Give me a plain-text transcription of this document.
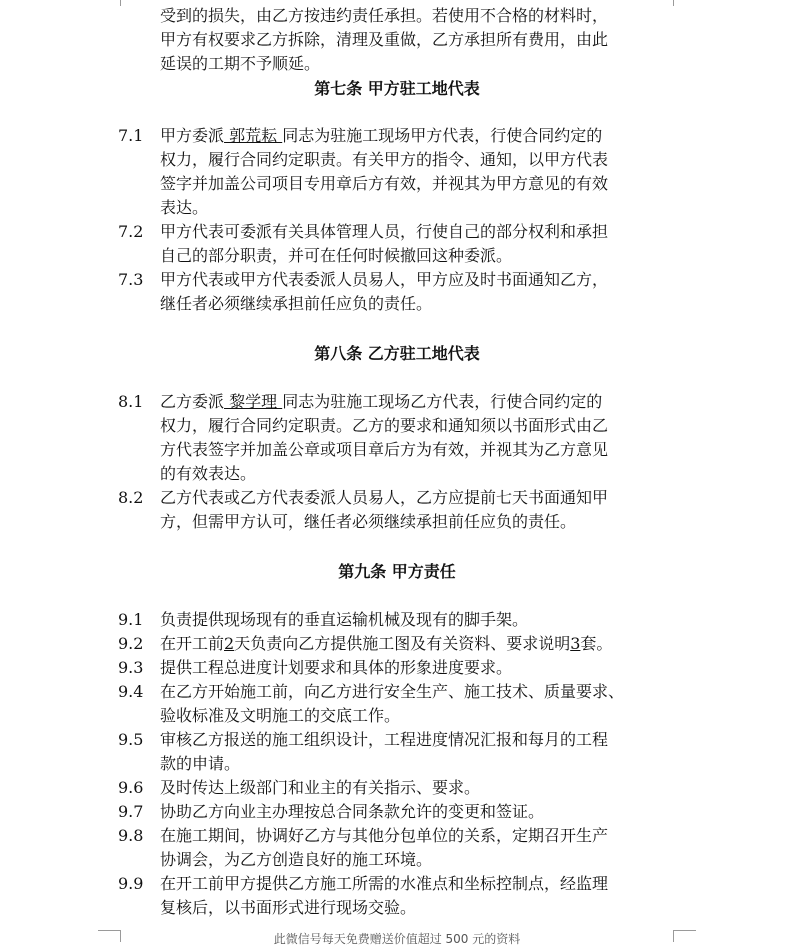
受到的损失，由乙方按违约责任承担。若使用不合格的材料时，
甲方有权要求乙方拆除，清理及重做，乙方承担所有费用，由此
延误的工期不予顺延。
第七条 甲方驻工地代表
7.1 甲方委派 郭荒耘 同志为驻施工现场甲方代表，行使合同约定的
权力，履行合同约定职责。有关甲方的指令、通知，以甲方代表
签字并加盖公司项目专用章后方有效，并视其为甲方意见的有效
表达。
7.2 甲方代表可委派有关具体管理人员，行使自己的部分权利和承担
自己的部分职责，并可在任何时候撤回这种委派。
7.3 甲方代表或甲方代表委派人员易人，甲方应及时书面通知乙方，
继任者必须继续承担前任应负的责任。
第八条 乙方驻工地代表
8.1 乙方委派 黎学理 同志为驻施工现场乙方代表，行使合同约定的
权力，履行合同约定职责。乙方的要求和通知须以书面形式由乙
方代表签字并加盖公章或项目章后方为有效，并视其为乙方意见
的有效表达。
8.2 乙方代表或乙方代表委派人员易人，乙方应提前七天书面通知甲
方，但需甲方认可，继任者必须继续承担前任应负的责任。
第九条 甲方责任
9.1 负责提供现场现有的垂直运输机械及现有的脚手架。
9.2 在开工前2天负责向乙方提供施工图及有关资料、要求说明3套。
9.3 提供工程总进度计划要求和具体的形象进度要求。
9.4 在乙方开始施工前，向乙方进行安全生产、施工技术、质量要求、
验收标准及文明施工的交底工作。
9.5 审核乙方报送的施工组织设计，工程进度情况汇报和每月的工程
款的申请。
9.6 及时传达上级部门和业主的有关指示、要求。
9.7 协助乙方向业主办理按总合同条款允许的变更和签证。
9.8 在施工期间，协调好乙方与其他分包单位的关系，定期召开生产
协调会，为乙方创造良好的施工环境。
9.9 在开工前甲方提供乙方施工所需的水准点和坐标控制点，经监理
复核后，以书面形式进行现场交验。
此微信号每天免费赠送价值超过 500 元的资料
